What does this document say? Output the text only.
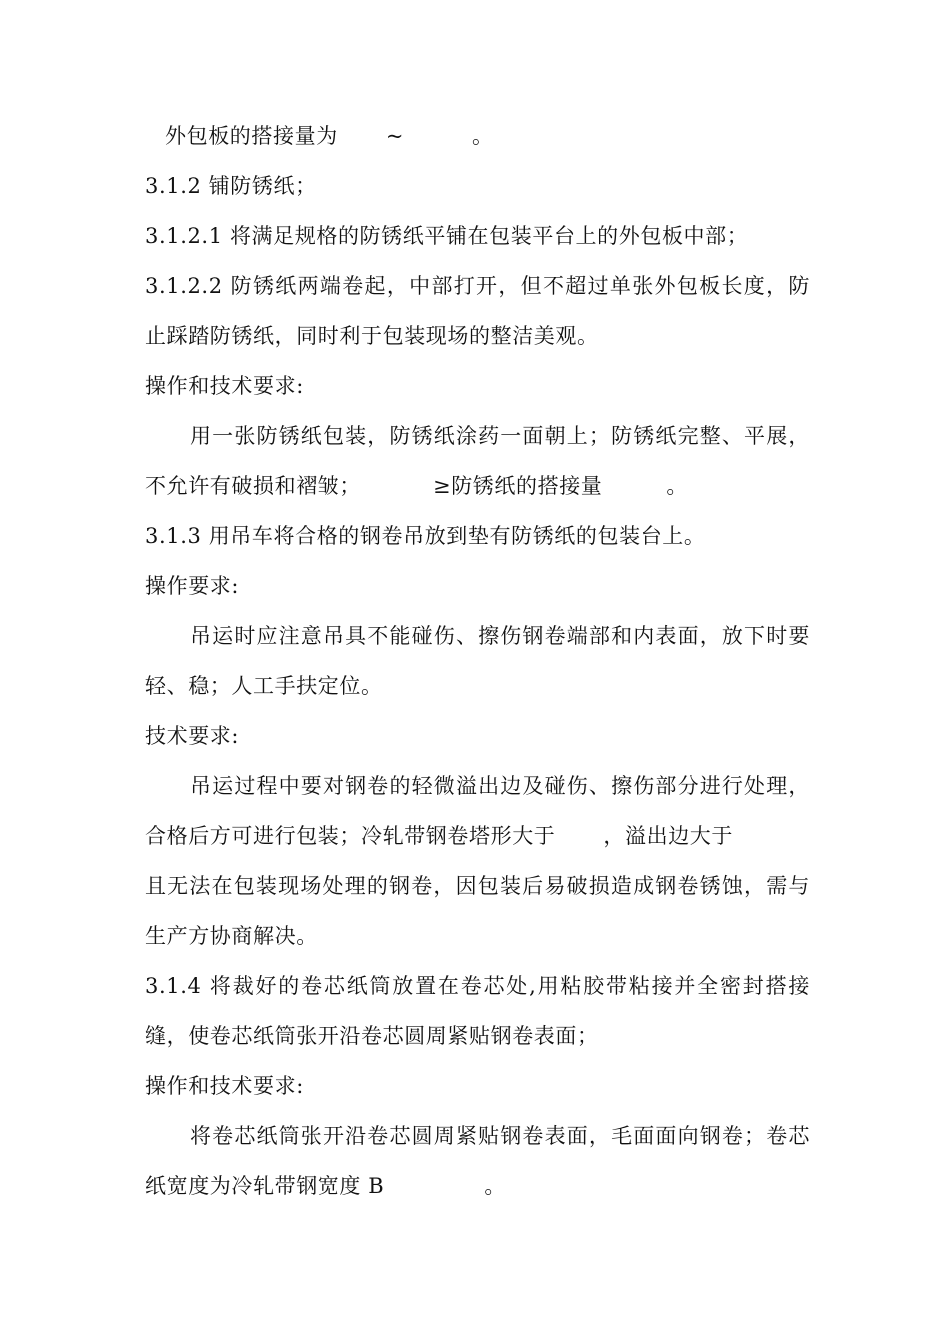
外包板的搭接量为 ~	。
3.1.2 铺防锈纸；
3.1.2.1 将满足规格的防锈纸平铺在包装平台上的外包板中部；
3.1.2.2 防锈纸两端卷起，中部打开，但不超过单张外包板长度，防
止踩踏防锈纸，同时利于包装现场的整洁美观。
操作和技术要求:
用一张防锈纸包装，防锈纸涂药一面朝上；防锈纸完整、平展，
不允许有破损和褶皱；	≥防锈纸的搭接量	。
3.1.3 用吊车将合格的钢卷吊放到垫有防锈纸的包装台上。
操作要求:
吊运时应注意吊具不能碰伤、擦伤钢卷端部和内表面，放下时要
轻、稳；人工手扶定位。
技术要求:
吊运过程中要对钢卷的轻微溢出边及碰伤、擦伤部分进行处理，
合格后方可进行包装；冷轧带钢卷塔形大于 ，溢出边大于
且无法在包装现场处理的钢卷，因包装后易破损造成钢卷锈蚀，需与
生产方协商解决。
3.1.4 将裁好的卷芯纸筒放置在卷芯处,用粘胶带粘接并全密封搭接
缝，使卷芯纸筒张开沿卷芯圆周紧贴钢卷表面；
操作和技术要求:
将卷芯纸筒张开沿卷芯圆周紧贴钢卷表面，毛面面向钢卷；卷芯
纸宽度为冷轧带钢宽度 B	。
